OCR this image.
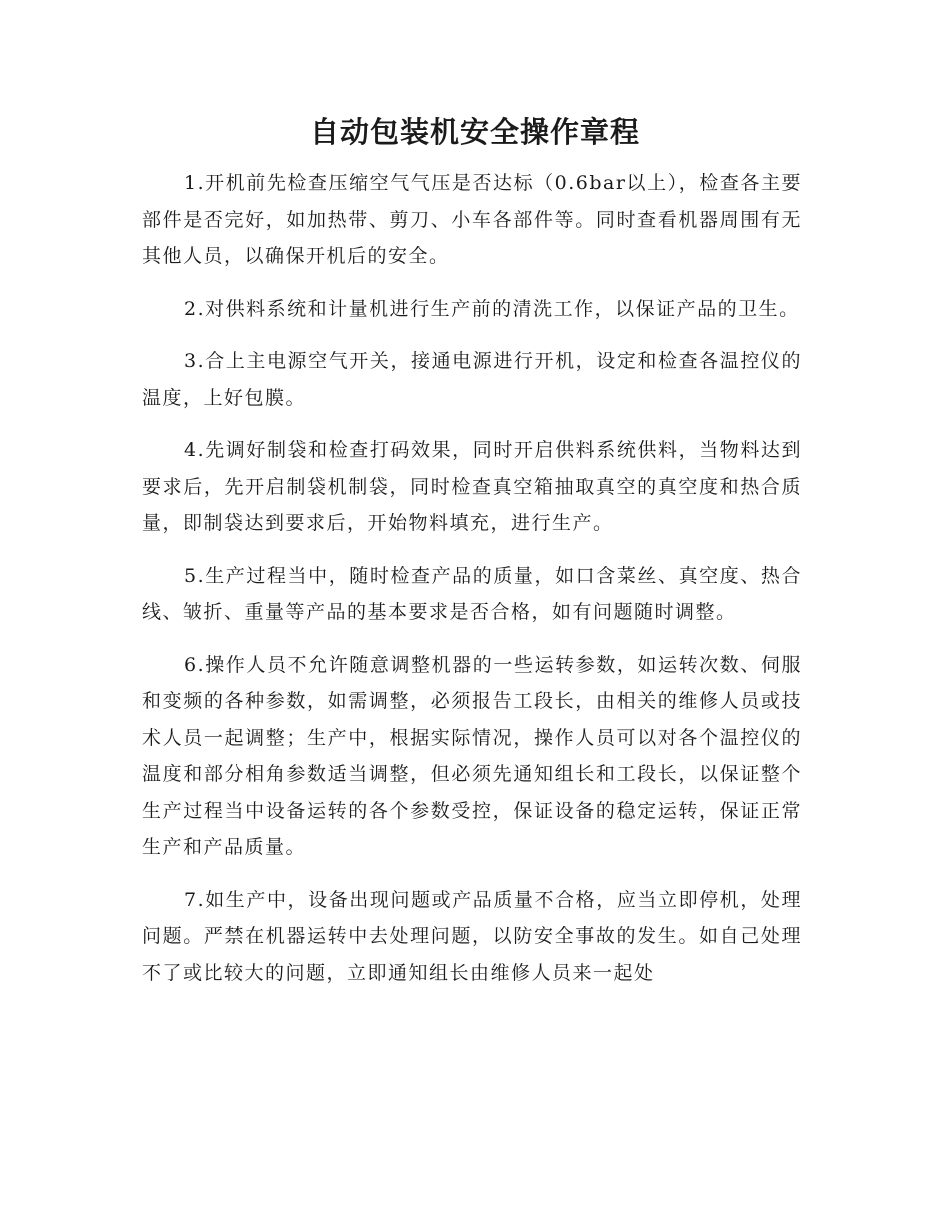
自动包装机安全操作章程

1.开机前先检查压缩空气气压是否达标（0.6bar以上），检查各主要部件是否完好，如加热带、剪刀、小车各部件等。同时查看机器周围有无其他人员，以确保开机后的安全。

2.对供料系统和计量机进行生产前的清洗工作，以保证产品的卫生。

3.合上主电源空气开关，接通电源进行开机，设定和检查各温控仪的温度，上好包膜。

4.先调好制袋和检查打码效果，同时开启供料系统供料，当物料达到要求后，先开启制袋机制袋，同时检查真空箱抽取真空的真空度和热合质量，即制袋达到要求后，开始物料填充，进行生产。

5.生产过程当中，随时检查产品的质量，如口含菜丝、真空度、热合线、皱折、重量等产品的基本要求是否合格，如有问题随时调整。

6.操作人员不允许随意调整机器的一些运转参数，如运转次数、伺服和变频的各种参数，如需调整，必须报告工段长，由相关的维修人员或技术人员一起调整；生产中，根据实际情况，操作人员可以对各个温控仪的温度和部分相角参数适当调整，但必须先通知组长和工段长，以保证整个生产过程当中设备运转的各个参数受控，保证设备的稳定运转，保证正常生产和产品质量。

7.如生产中，设备出现问题或产品质量不合格，应当立即停机，处理问题。严禁在机器运转中去处理问题，以防安全事故的发生。如自己处理不了或比较大的问题，立即通知组长由维修人员来一起处
